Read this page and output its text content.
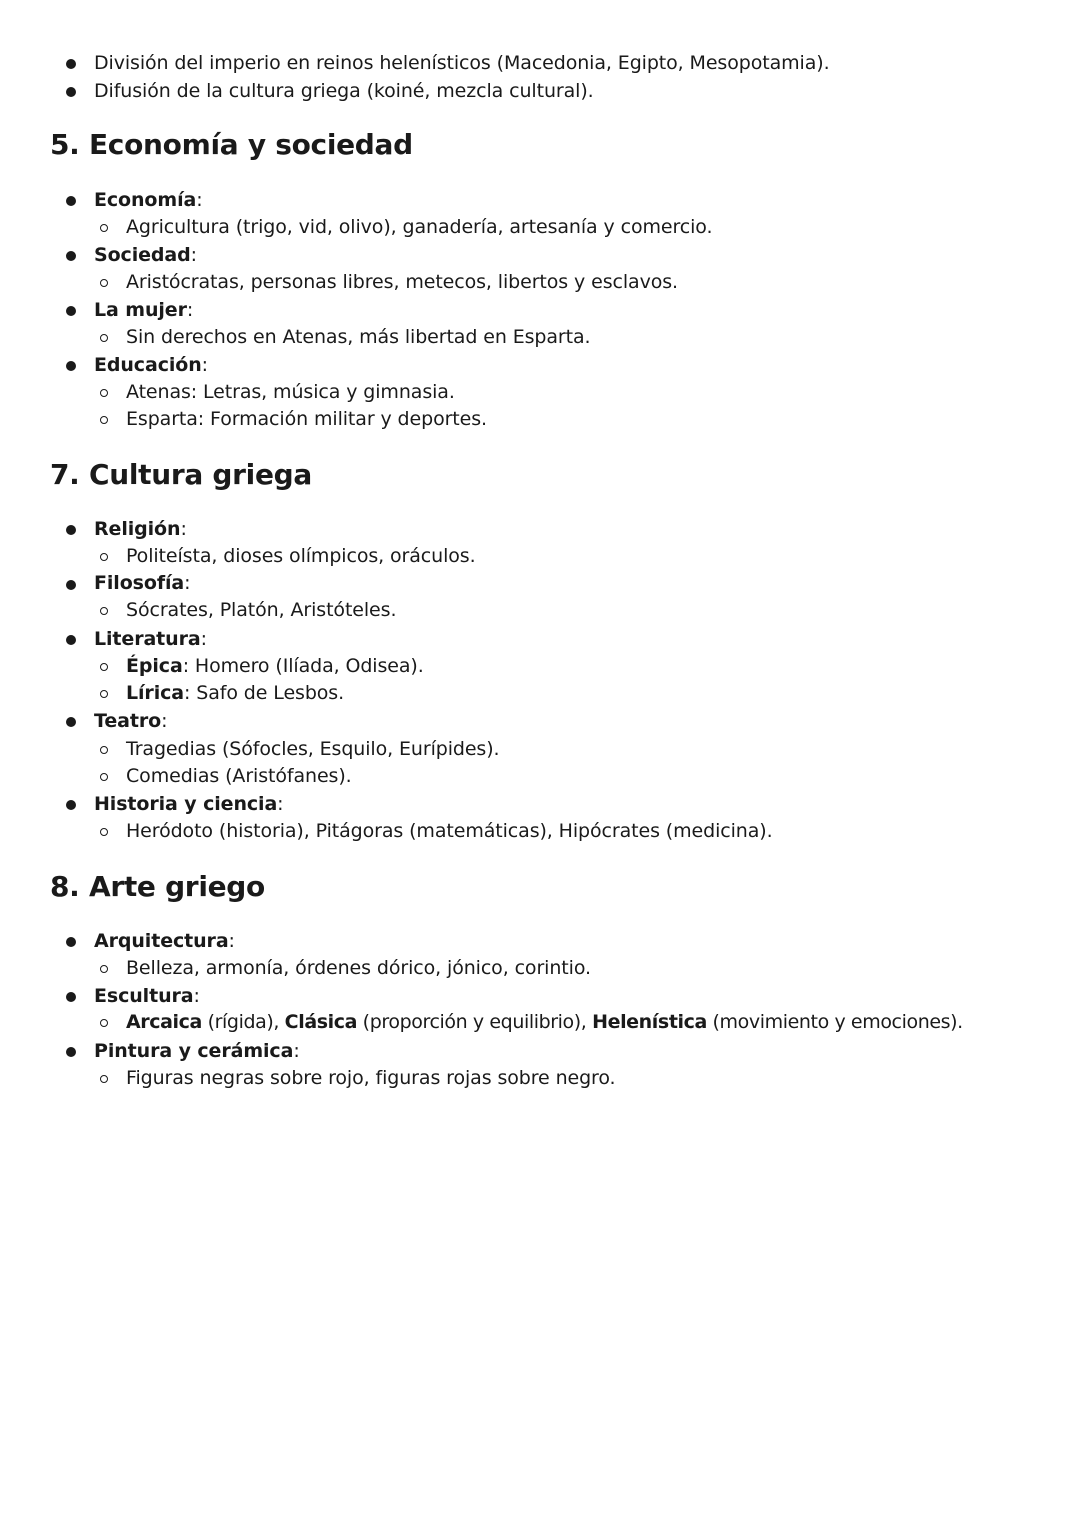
División del imperio en reinos helenísticos (Macedonia, Egipto, Mesopotamia).
Difusión de la cultura griega (koiné, mezcla cultural).
5. Economía y sociedad
Economía:
Agricultura (trigo, vid, olivo), ganadería, artesanía y comercio.
Sociedad:
Aristócratas, personas libres, metecos, libertos y esclavos.
La mujer:
Sin derechos en Atenas, más libertad en Esparta.
Educación:
Atenas: Letras, música y gimnasia.
Esparta: Formación militar y deportes.
7. Cultura griega
Religión:
Politeísta, dioses olímpicos, oráculos.
Filosofía:
Sócrates, Platón, Aristóteles.
Literatura:
Épica: Homero (Ilíada, Odisea).
Lírica: Safo de Lesbos.
Teatro:
Tragedias (Sófocles, Esquilo, Eurípides).
Comedias (Aristófanes).
Historia y ciencia:
Heródoto (historia), Pitágoras (matemáticas), Hipócrates (medicina).
8. Arte griego
Arquitectura:
Belleza, armonía, órdenes dórico, jónico, corintio.
Escultura:
Arcaica (rígida), Clásica (proporción y equilibrio), Helenística (movimiento y emociones).
Pintura y cerámica:
Figuras negras sobre rojo, figuras rojas sobre negro.
